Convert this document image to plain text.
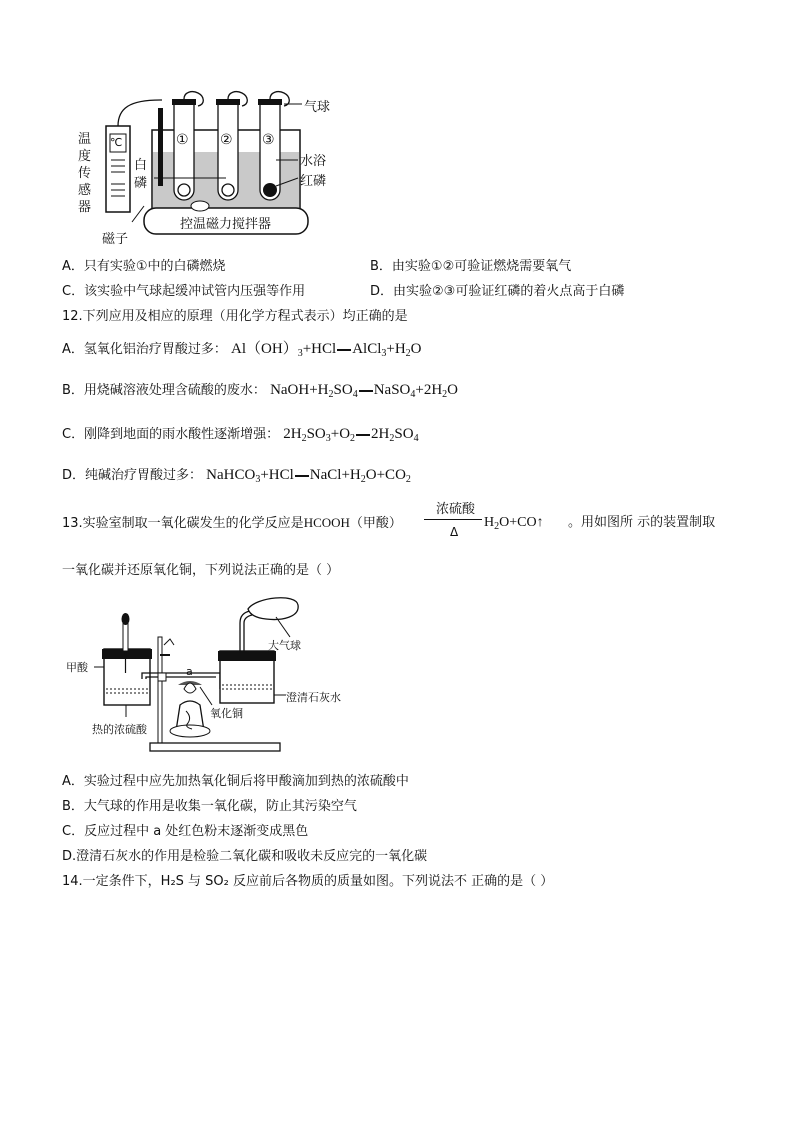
℃
温
度
传
感
器
白
磷
① ② ③
气球
水浴
红磷
控温磁力搅拌器
磁子
A．只有实验①中的白磷燃烧	B．由实验①②可验证燃烧需要氧气
C．该实验中气球起缓冲试管内压强等作用	D．由实验②③可验证红磷的着火点高于白磷
12.下列应用及相应的原理（用化学方程式表示）均正确的是
A．氢氧化铝治疗胃酸过多： $Al(OH)_3+HCl$ $AlCl_3+H_2O$
B．用烧碱溶液处理含硫酸的废水： $NaOH+H_2SO_4$ $NaSO_4+2H_2O$
C．刚降到地面的雨水酸性逐渐增强： $2H_2SO_3+O_2$ $2H_2SO_4$
D．纯碱治疗胃酸过多： NaHCO$_3$+HCl $NaCl+H_2O+CO_2$
13.实验室制取一氧化碳发生的化学反应是HCOOH（甲酸）
浓硫酸
Δ
$H_2O+CO↑$ 。用如图所 示的装置制取
一氧化碳并还原氧化铜，下列说法正确的是（ ）
大气球
甲酸	a
澄清石灰水
氧化铜
热的浓硫酸
A．实验过程中应先加热氧化铜后将甲酸滴加到热的浓硫酸中
B．大气球的作用是收集一氧化碳，防止其污染空气
C．反应过程中 a 处红色粉末逐渐变成黑色
D.澄清石灰水的作用是检验二氧化碳和吸收未反应完的一氧化碳
14.一定条件下，H₂S 与 SO₂ 反应前后各物质的质量如图。下列说法不 正确的是（ ）
